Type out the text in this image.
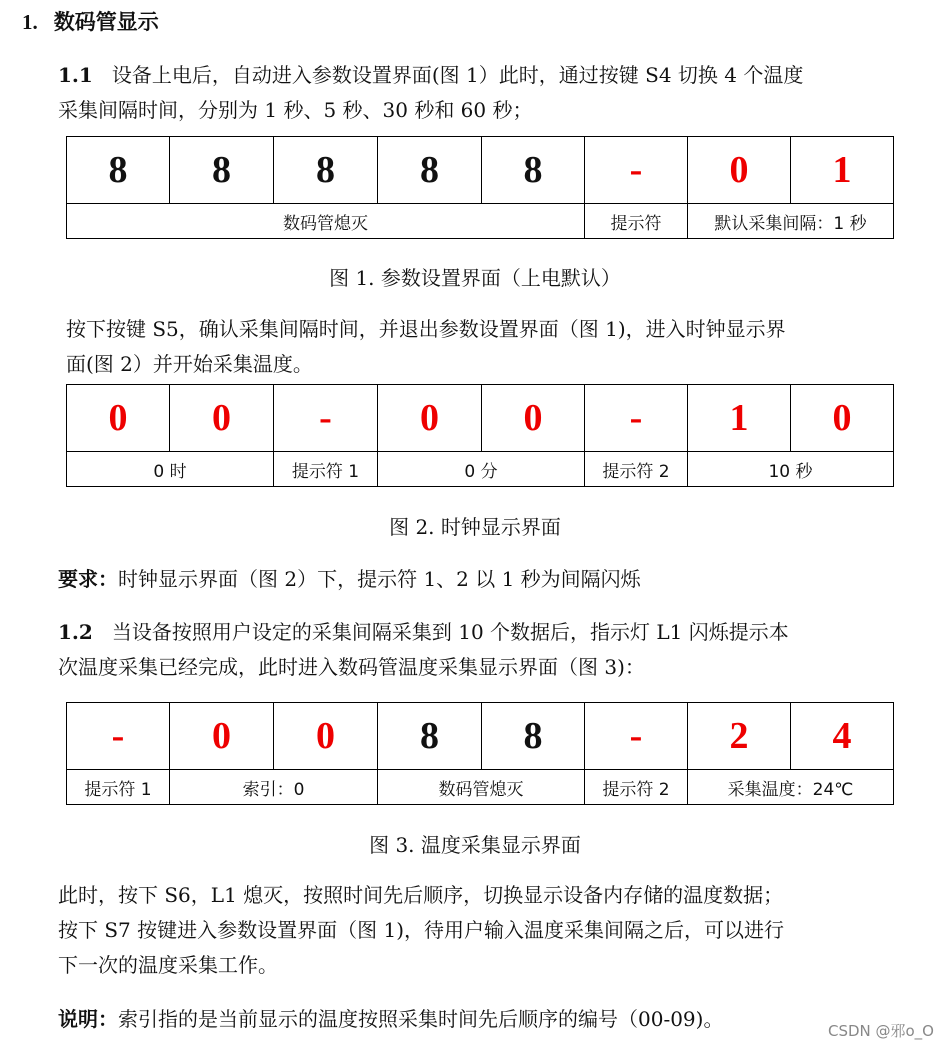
1. 数码管显示
1.1 设备上电后，自动进入参数设置界面(图 1）此时，通过按键 S4 切换 4 个温度
采集间隔时间，分别为 1 秒、5 秒、30 秒和 60 秒；
8	8	8	8	8	-	0	1
数码管熄灭					提示符	默认采集间隔：1 秒	
图 1. 参数设置界面（上电默认）
按下按键 S5，确认采集间隔时间，并退出参数设置界面（图 1)，进入时钟显示界
面(图 2）并开始采集温度。
0	0	-	0	0	-	1	0
0 时		提示符 1	0 分		提示符 2	10 秒	
图 2. 时钟显示界面
要求：时钟显示界面（图 2）下，提示符 1、2 以 1 秒为间隔闪烁
1.2 当设备按照用户设定的采集间隔采集到 10 个数据后，指示灯 L1 闪烁提示本
次温度采集已经完成，此时进入数码管温度采集显示界面（图 3)：
-	0	0	8	8	-	2	4
提示符 1	索引：0		数码管熄灭		提示符 2	采集温度：24℃	
图 3. 温度采集显示界面
此时，按下 S6，L1 熄灭，按照时间先后顺序，切换显示设备内存储的温度数据；
按下 S7 按键进入参数设置界面（图 1)，待用户输入温度采集间隔之后，可以进行
下一次的温度采集工作。
说明：索引指的是当前显示的温度按照采集时间先后顺序的编号（00-09)。	CSDN @邪o_O
